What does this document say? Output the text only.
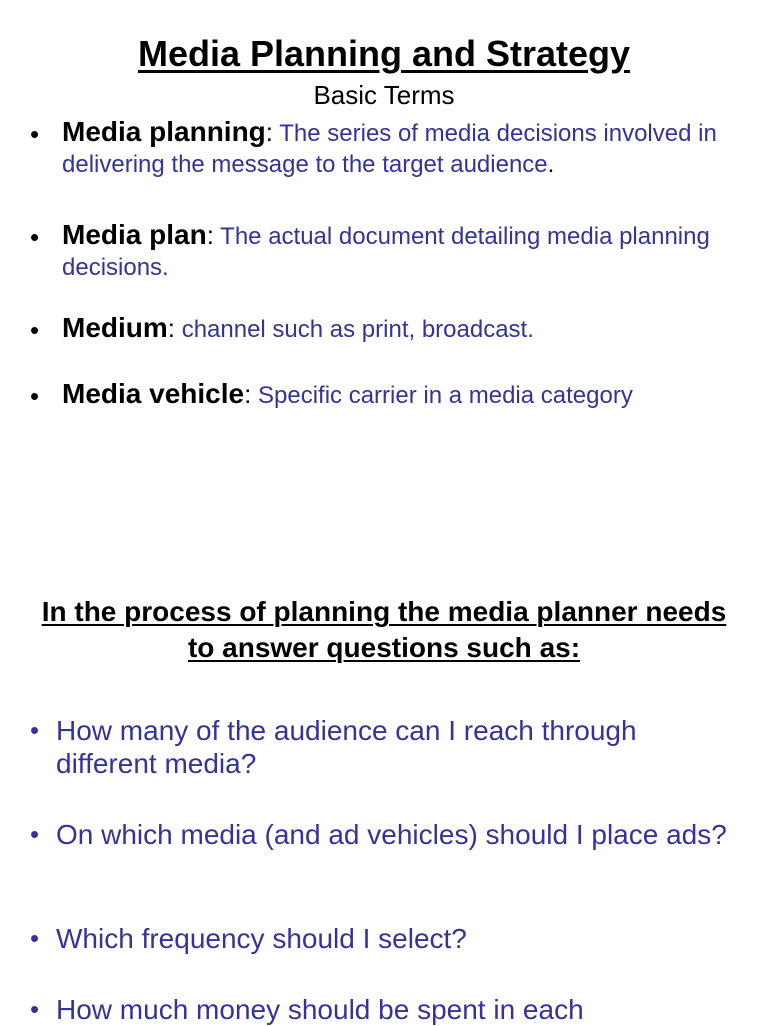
Media Planning and Strategy
Basic Terms
• Media planning: The series of media decisions involved in delivering the message to the target audience.
• Media plan: The actual document detailing media planning decisions.
• Medium: channel such as print, broadcast.
• Media vehicle: Specific carrier in a media category
In the process of planning the media planner needs
to answer questions such as:
• How many of the audience can I reach through different media?
• On which media (and ad vehicles) should I place ads?
• Which frequency should I select?
• How much money should be spent in each
